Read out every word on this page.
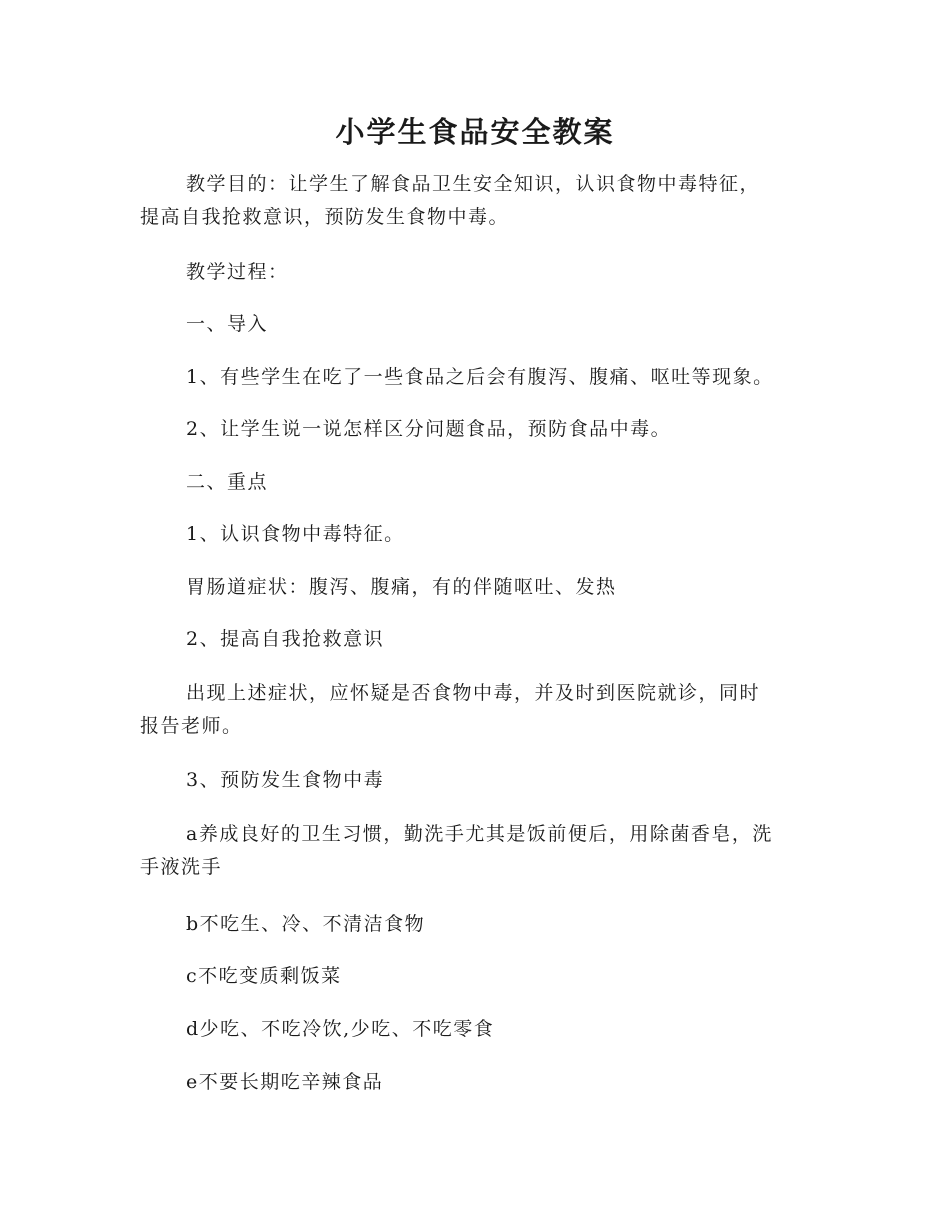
小学生食品安全教案

教学目的：让学生了解食品卫生安全知识，认识食物中毒特征，
提高自我抢救意识，预防发生食物中毒。

教学过程：

一、导入

1、有些学生在吃了一些食品之后会有腹泻、腹痛、呕吐等现象。

2、让学生说一说怎样区分问题食品，预防食品中毒。

二、重点

1、认识食物中毒特征。

胃肠道症状：腹泻、腹痛，有的伴随呕吐、发热

2、提高自我抢救意识

出现上述症状，应怀疑是否食物中毒，并及时到医院就诊，同时
报告老师。

3、预防发生食物中毒

a养成良好的卫生习惯，勤洗手尤其是饭前便后，用除菌香皂，洗
手液洗手

b不吃生、冷、不清洁食物

c不吃变质剩饭菜

d少吃、不吃冷饮,少吃、不吃零食

e不要长期吃辛辣食品
